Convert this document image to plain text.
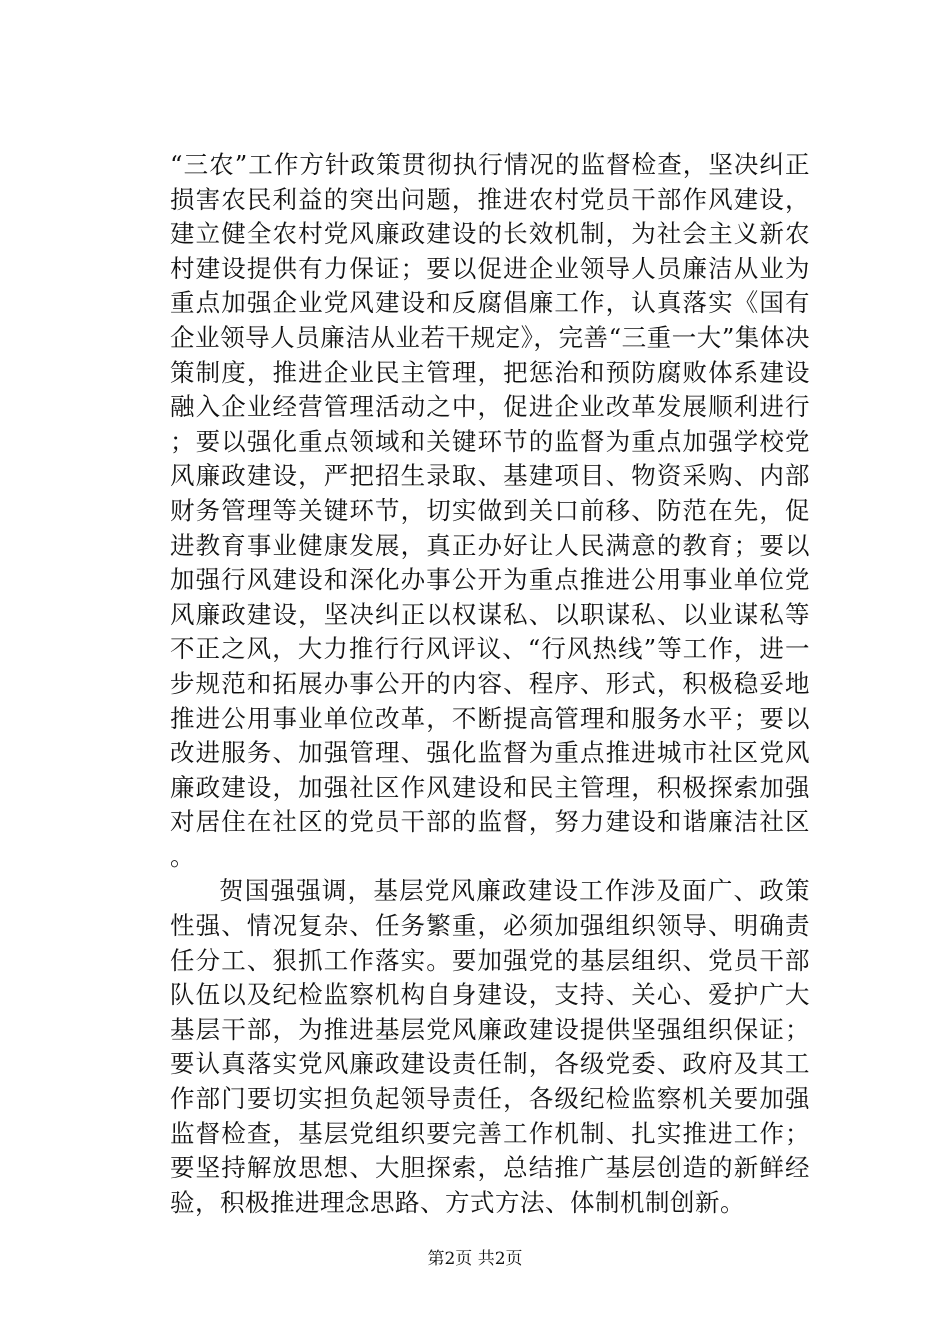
“三农”工作方针政策贯彻执行情况的监督检查，坚决纠正损害农民利益的突出问题，推进农村党员干部作风建设，建立健全农村党风廉政建设的长效机制，为社会主义新农村建设提供有力保证；要以促进企业领导人员廉洁从业为重点加强企业党风建设和反腐倡廉工作，认真落实《国有企业领导人员廉洁从业若干规定》，完善“三重一大”集体决策制度，推进企业民主管理，把惩治和预防腐败体系建设融入企业经营管理活动之中，促进企业改革发展顺利进行；要以强化重点领域和关键环节的监督为重点加强学校党风廉政建设，严把招生录取、基建项目、物资采购、内部财务管理等关键环节，切实做到关口前移、防范在先，促进教育事业健康发展，真正办好让人民满意的教育；要以加强行风建设和深化办事公开为重点推进公用事业单位党风廉政建设，坚决纠正以权谋私、以职谋私、以业谋私等不正之风，大力推行行风评议、“行风热线”等工作，进一步规范和拓展办事公开的内容、程序、形式，积极稳妥地推进公用事业单位改革，不断提高管理和服务水平；要以改进服务、加强管理、强化监督为重点推进城市社区党风廉政建设，加强社区作风建设和民主管理，积极探索加强对居住在社区的党员干部的监督，努力建设和谐廉洁社区。

贺国强强调，基层党风廉政建设工作涉及面广、政策性强、情况复杂、任务繁重，必须加强组织领导、明确责任分工、狠抓工作落实。要加强党的基层组织、党员干部队伍以及纪检监察机构自身建设，支持、关心、爱护广大基层干部，为推进基层党风廉政建设提供坚强组织保证；要认真落实党风廉政建设责任制，各级党委、政府及其工作部门要切实担负起领导责任，各级纪检监察机关要加强监督检查，基层党组织要完善工作机制、扎实推进工作；要坚持解放思想、大胆探索，总结推广基层创造的新鲜经验，积极推进理念思路、方式方法、体制机制创新。

第2页 共2页
